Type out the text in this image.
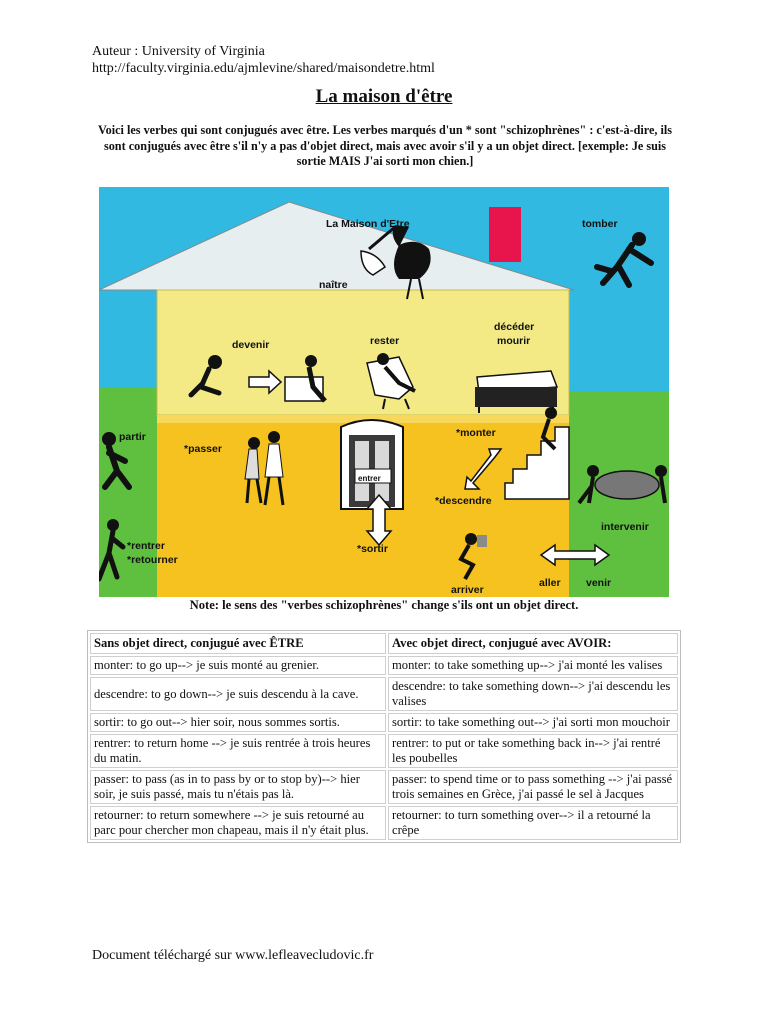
Auteur : University of Virginia
http://faculty.virginia.edu/ajmlevine/shared/maisondetre.html
La maison d'être
Voici les verbes qui sont conjugués avec être. Les verbes marqués d'un * sont "schizophrènes" : c'est-à-dire, ils sont conjugués avec être s'il n'y a pas d'objet direct, mais avec avoir s'il y a un objet direct. [exemple: Je suis sortie MAIS J'ai sorti mon chien.]
La Maison d'Etre
naître
tomber
devenir	rester
décéder
mourir
partir
*passer
*monter
*descendre
entrer
*rentrer
*retourner
*sortir
arriver
aller venir
intervenir
Note: le sens des "verbes schizophrènes" change s'ils ont un objet direct.
Sans objet direct, conjugué avec ÊTRE	Avec objet direct, conjugué avec AVOIR:
monter: to go up--> je suis monté au grenier.	monter: to take something up--> j'ai monté les valises
descendre: to go down--> je suis descendu à la cave.	descendre: to take something down--> j'ai descendu les valises
sortir: to go out--> hier soir, nous sommes sortis.	sortir: to take something out--> j'ai sorti mon mouchoir
rentrer: to return home --> je suis rentrée à trois heures du matin.	rentrer: to put or take something back in--> j'ai rentré les poubelles
passer: to pass (as in to pass by or to stop by)--> hier soir, je suis passé, mais tu n'étais pas là.	passer: to spend time or to pass something --> j'ai passé trois semaines en Grèce, j'ai passé le sel à Jacques
retourner: to return somewhere --> je suis retourné au parc pour chercher mon chapeau, mais il n'y était plus.	retourner: to turn something over--> il a retourné la crêpe
Document téléchargé sur www.lefleavecludovic.fr
